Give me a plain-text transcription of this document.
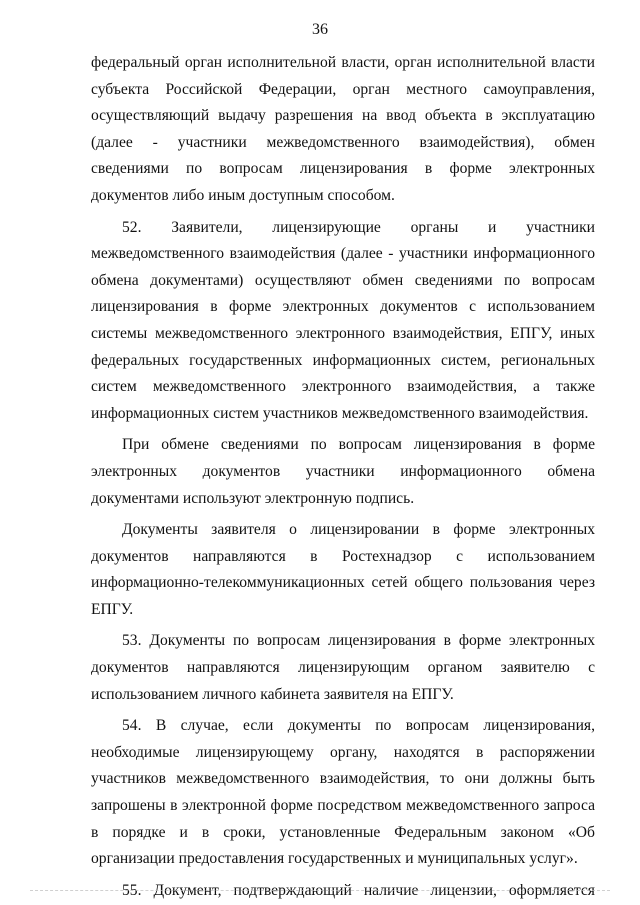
36

федеральный орган исполнительной власти, орган исполнительной власти субъекта Российской Федерации, орган местного самоуправления, осуществляющий выдачу разрешения на ввод объекта в эксплуатацию (далее - участники межведомственного взаимодействия), обмен сведениями по вопросам лицензирования в форме электронных документов либо иным доступным способом.

52. Заявители, лицензирующие органы и участники межведомственного взаимодействия (далее - участники информационного обмена документами) осуществляют обмен сведениями по вопросам лицензирования в форме электронных документов с использованием системы межведомственного электронного взаимодействия, ЕПГУ, иных федеральных государственных информационных систем, региональных систем межведомственного электронного взаимодействия, а также информационных систем участников межведомственного взаимодействия.

При обмене сведениями по вопросам лицензирования в форме электронных документов участники информационного обмена документами используют электронную подпись.

Документы заявителя о лицензировании в форме электронных документов направляются в Ростехнадзор с использованием информационно-телекоммуникационных сетей общего пользования через ЕПГУ.

53. Документы по вопросам лицензирования в форме электронных документов направляются лицензирующим органом заявителю с использованием личного кабинета заявителя на ЕПГУ.

54. В случае, если документы по вопросам лицензирования, необходимые лицензирующему органу, находятся в распоряжении участников межведомственного взаимодействия, то они должны быть запрошены в электронной форме посредством межведомственного запроса в порядке и в сроки, установленные Федеральным законом «Об организации предоставления государственных и муниципальных услуг».

55. Документ, подтверждающий наличие лицензии, оформляется
